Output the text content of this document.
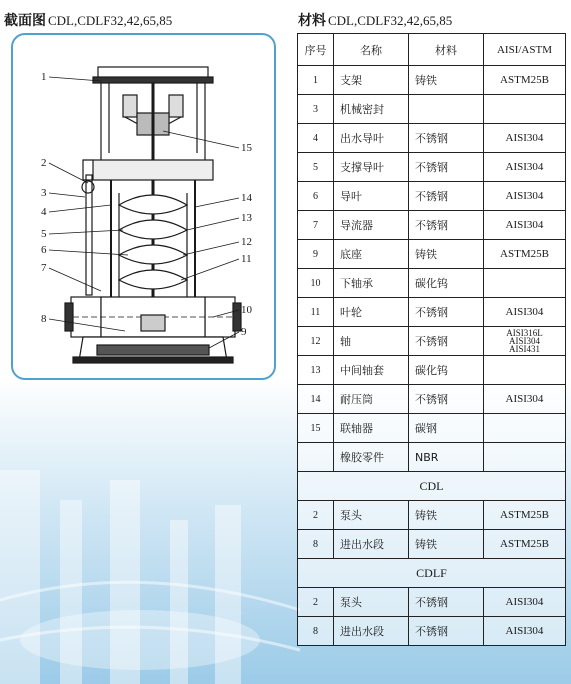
截面图 CDL,CDLF32,42,65,85	材料 CDL,CDLF32,42,65,85
1
2
3
4
5
6
7
8
15
14
13
12
11
10
9
序号	名称	材料	AISI/ASTM
1	支架	铸铁	ASTM25B
3	机械密封		
4	出水导叶	不锈钢	AISI304
5	支撑导叶	不锈钢	AISI304
6	导叶	不锈钢	AISI304
7	导流器	不锈钢	AISI304
9	底座	铸铁	ASTM25B
10	下轴承	碳化钨	
11	叶轮	不锈钢	AISI304
12	轴	不锈钢	AISI316L
AISI304
AISI431

13	中间轴套	碳化钨	
14	耐压筒	不锈钢	AISI304
15	联轴器	碳钢	
	橡胶零件	NBR	
CDL			
2	泵头	铸铁	ASTM25B
8	进出水段	铸铁	ASTM25B
CDLF			
2	泵头	不锈钢	AISI304
8	进出水段	不锈钢	AISI304
